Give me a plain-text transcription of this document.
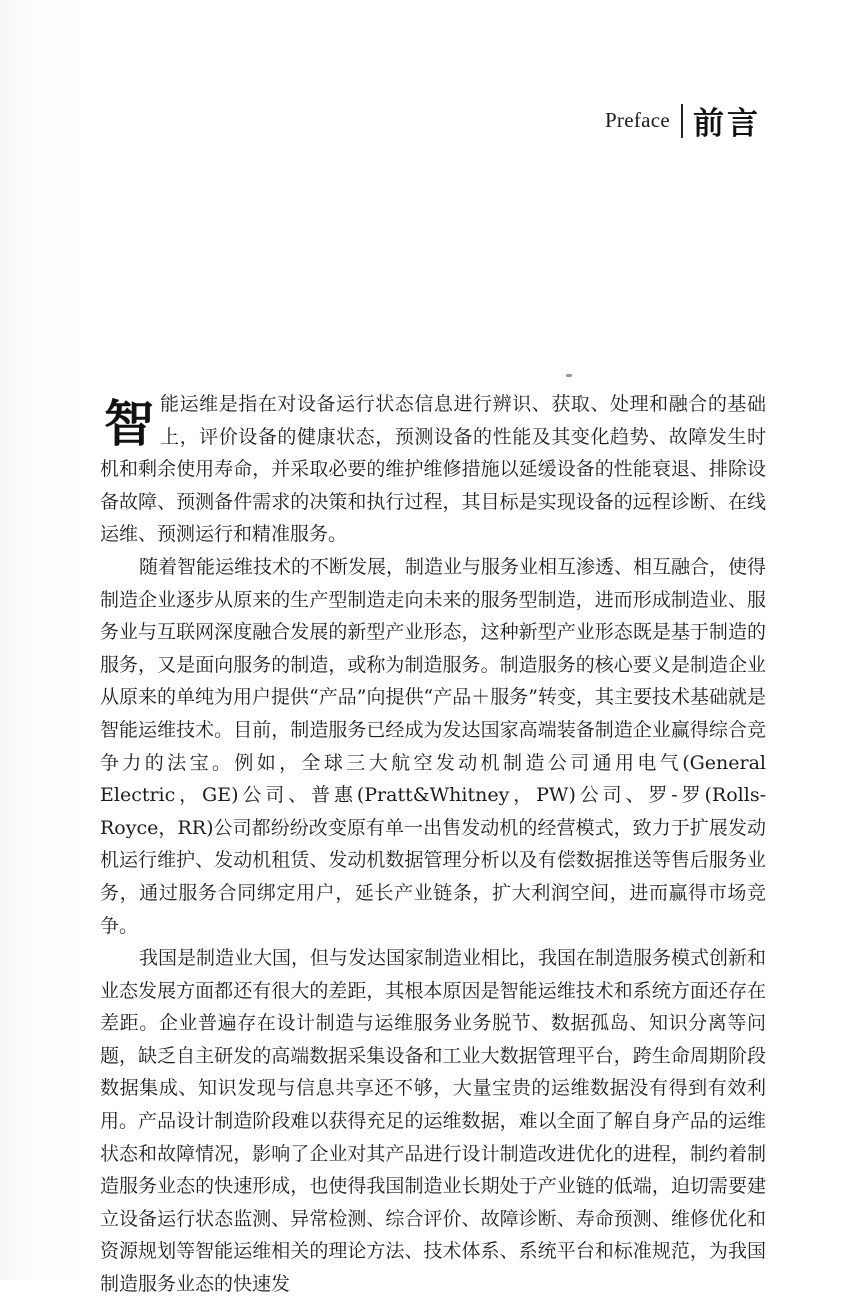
Preface 前言

智能运维是指在对设备运行状态信息进行辨识、获取、处理和融合的基础上，评价设备的健康状态，预测设备的性能及其变化趋势、故障发生时机和剩余使用寿命，并采取必要的维护维修措施以延缓设备的性能衰退、排除设备故障、预测备件需求的决策和执行过程，其目标是实现设备的远程诊断、在线运维、预测运行和精准服务。

随着智能运维技术的不断发展，制造业与服务业相互渗透、相互融合，使得制造企业逐步从原来的生产型制造走向未来的服务型制造，进而形成制造业、服务业与互联网深度融合发展的新型产业形态，这种新型产业形态既是基于制造的服务，又是面向服务的制造，或称为制造服务。制造服务的核心要义是制造企业从原来的单纯为用户提供“产品”向提供“产品＋服务”转变，其主要技术基础就是智能运维技术。目前，制造服务已经成为发达国家高端装备制造企业赢得综合竞争力的法宝。例如，全球三大航空发动机制造公司通用电气(General Electric，GE)公司、普惠(Pratt&Whitney，PW)公司、罗-罗(Rolls-Royce，RR)公司都纷纷改变原有单一出售发动机的经营模式，致力于扩展发动机运行维护、发动机租赁、发动机数据管理分析以及有偿数据推送等售后服务业务，通过服务合同绑定用户，延长产业链条，扩大利润空间，进而赢得市场竞争。

我国是制造业大国，但与发达国家制造业相比，我国在制造服务模式创新和业态发展方面都还有很大的差距，其根本原因是智能运维技术和系统方面还存在差距。企业普遍存在设计制造与运维服务业务脱节、数据孤岛、知识分离等问题，缺乏自主研发的高端数据采集设备和工业大数据管理平台，跨生命周期阶段数据集成、知识发现与信息共享还不够，大量宝贵的运维数据没有得到有效利用。产品设计制造阶段难以获得充足的运维数据，难以全面了解自身产品的运维状态和故障情况，影响了企业对其产品进行设计制造改进优化的进程，制约着制造服务业态的快速形成，也使得我国制造业长期处于产业链的低端，迫切需要建立设备运行状态监测、异常检测、综合评价、故障诊断、寿命预测、维修优化和资源规划等智能运维相关的理论方法、技术体系、系统平台和标准规范，为我国制造服务业态的快速发
